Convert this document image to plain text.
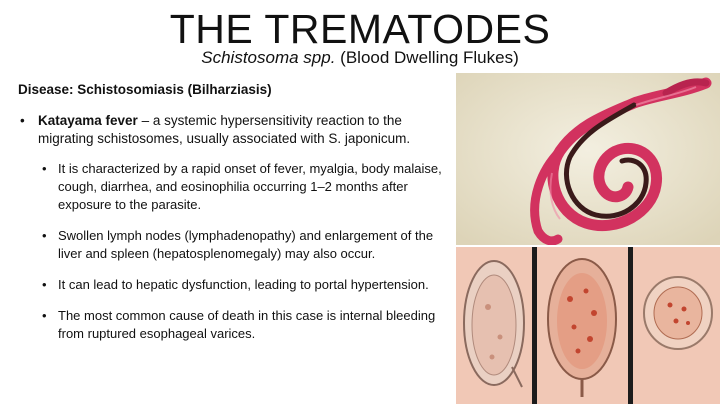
THE TREMATODES
Schistosoma spp. (Blood Dwelling Flukes)
Disease: Schistosomiasis (Bilharziasis)
• Katayama fever – a systemic hypersensitivity reaction to the migrating schistosomes, usually associated with S. japonicum.
• It is characterized by a rapid onset of fever, myalgia, body malaise, cough, diarrhea, and eosinophilia occurring 1–2 months after exposure to the parasite.
• Swollen lymph nodes (lymphadenopathy) and enlargement of the liver and spleen (hepatosplenomegaly) may also occur.
• It can lead to hepatic dysfunction, leading to portal hypertension.
• The most common cause of death in this case is internal bleeding from ruptured esophageal varices.
